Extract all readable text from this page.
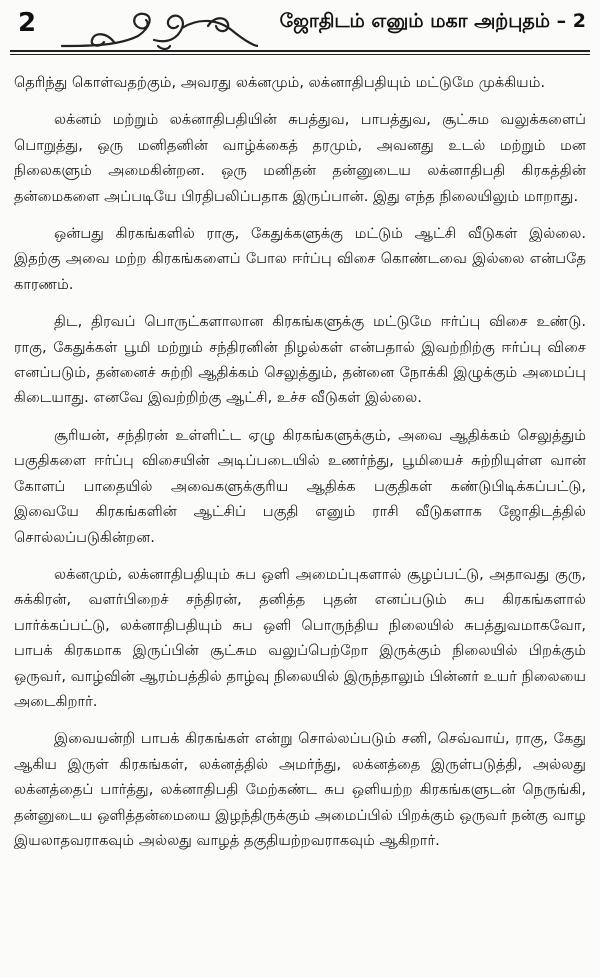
2	ஜோதிடம் எனும் மகா அற்புதம் – 2

தெரிந்து கொள்வதற்கும், அவரது லக்னமும், லக்னாதிபதியும் மட்டுமே முக்கியம்.

லக்னம் மற்றும் லக்னாதிபதியின் சுபத்துவ, பாபத்துவ, சூட்சும வலுக்களைப் பொறுத்து, ஒரு மனிதனின் வாழ்க்கைத் தரமும், அவனது உடல் மற்றும் மன நிலைகளும் அமைகின்றன. ஒரு மனிதன் தன்னுடைய லக்னாதிபதி கிரகத்தின் தன்மைகளை அப்படியே பிரதிபலிப்பதாக இருப்பான். இது எந்த நிலையிலும் மாறாது.

ஒன்பது கிரகங்களில் ராகு, கேதுக்களுக்கு மட்டும் ஆட்சி வீடுகள் இல்லை. இதற்கு அவை மற்ற கிரகங்களைப் போல ஈர்ப்பு விசை கொண்டவை இல்லை என்பதே காரணம்.

திட, திரவப் பொருட்களாலான கிரகங்களுக்கு மட்டுமே ஈர்ப்பு விசை உண்டு. ராகு, கேதுக்கள் பூமி மற்றும் சந்திரனின் நிழல்கள் என்பதால் இவற்றிற்கு ஈர்ப்பு விசை எனப்படும், தன்னைச் சுற்றி ஆதிக்கம் செலுத்தும், தன்னை நோக்கி இழுக்கும் அமைப்பு கிடையாது. எனவே இவற்றிற்கு ஆட்சி, உச்ச வீடுகள் இல்லை.

சூரியன், சந்திரன் உள்ளிட்ட ஏழு கிரகங்களுக்கும், அவை ஆதிக்கம் செலுத்தும் பகுதிகளை ஈர்ப்பு விசையின் அடிப்படையில் உணர்ந்து, பூமியைச் சுற்றியுள்ள வான் கோளப் பாதையில் அவைகளுக்குரிய ஆதிக்க பகுதிகள் கண்டுபிடிக்கப்பட்டு, இவையே கிரகங்களின் ஆட்சிப் பகுதி எனும் ராசி வீடுகளாக ஜோதிடத்தில் சொல்லப்படுகின்றன.

லக்னமும், லக்னாதிபதியும் சுப ஒளி அமைப்புகளால் சூழப்பட்டு, அதாவது குரு, சுக்கிரன், வளர்பிறைச் சந்திரன், தனித்த புதன் எனப்படும் சுப கிரகங்களால் பார்க்கப்பட்டு, லக்னாதிபதியும் சுப ஒளி பொருந்திய நிலையில் சுபத்துவமாகவோ, பாபக் கிரகமாக இருப்பின் சூட்சும வலுப்பெற்றோ இருக்கும் நிலையில் பிறக்கும் ஒருவர், வாழ்வின் ஆரம்பத்தில் தாழ்வு நிலையில் இருந்தாலும் பின்னர் உயர் நிலையை அடைகிறார்.

இவையன்றி பாபக் கிரகங்கள் என்று சொல்லப்படும் சனி, செவ்வாய், ராகு, கேது ஆகிய இருள் கிரகங்கள், லக்னத்தில் அமர்ந்து, லக்னத்தை இருள்படுத்தி, அல்லது லக்னத்தைப் பார்த்து, லக்னாதிபதி மேற்கண்ட சுப ஒளியற்ற கிரகங்களுடன் நெருங்கி, தன்னுடைய ஒளித்தன்மையை இழந்திருக்கும் அமைப்பில் பிறக்கும் ஒருவர் நன்கு வாழ இயலாதவராகவும் அல்லது வாழத் தகுதியற்றவராகவும் ஆகிறார்.
